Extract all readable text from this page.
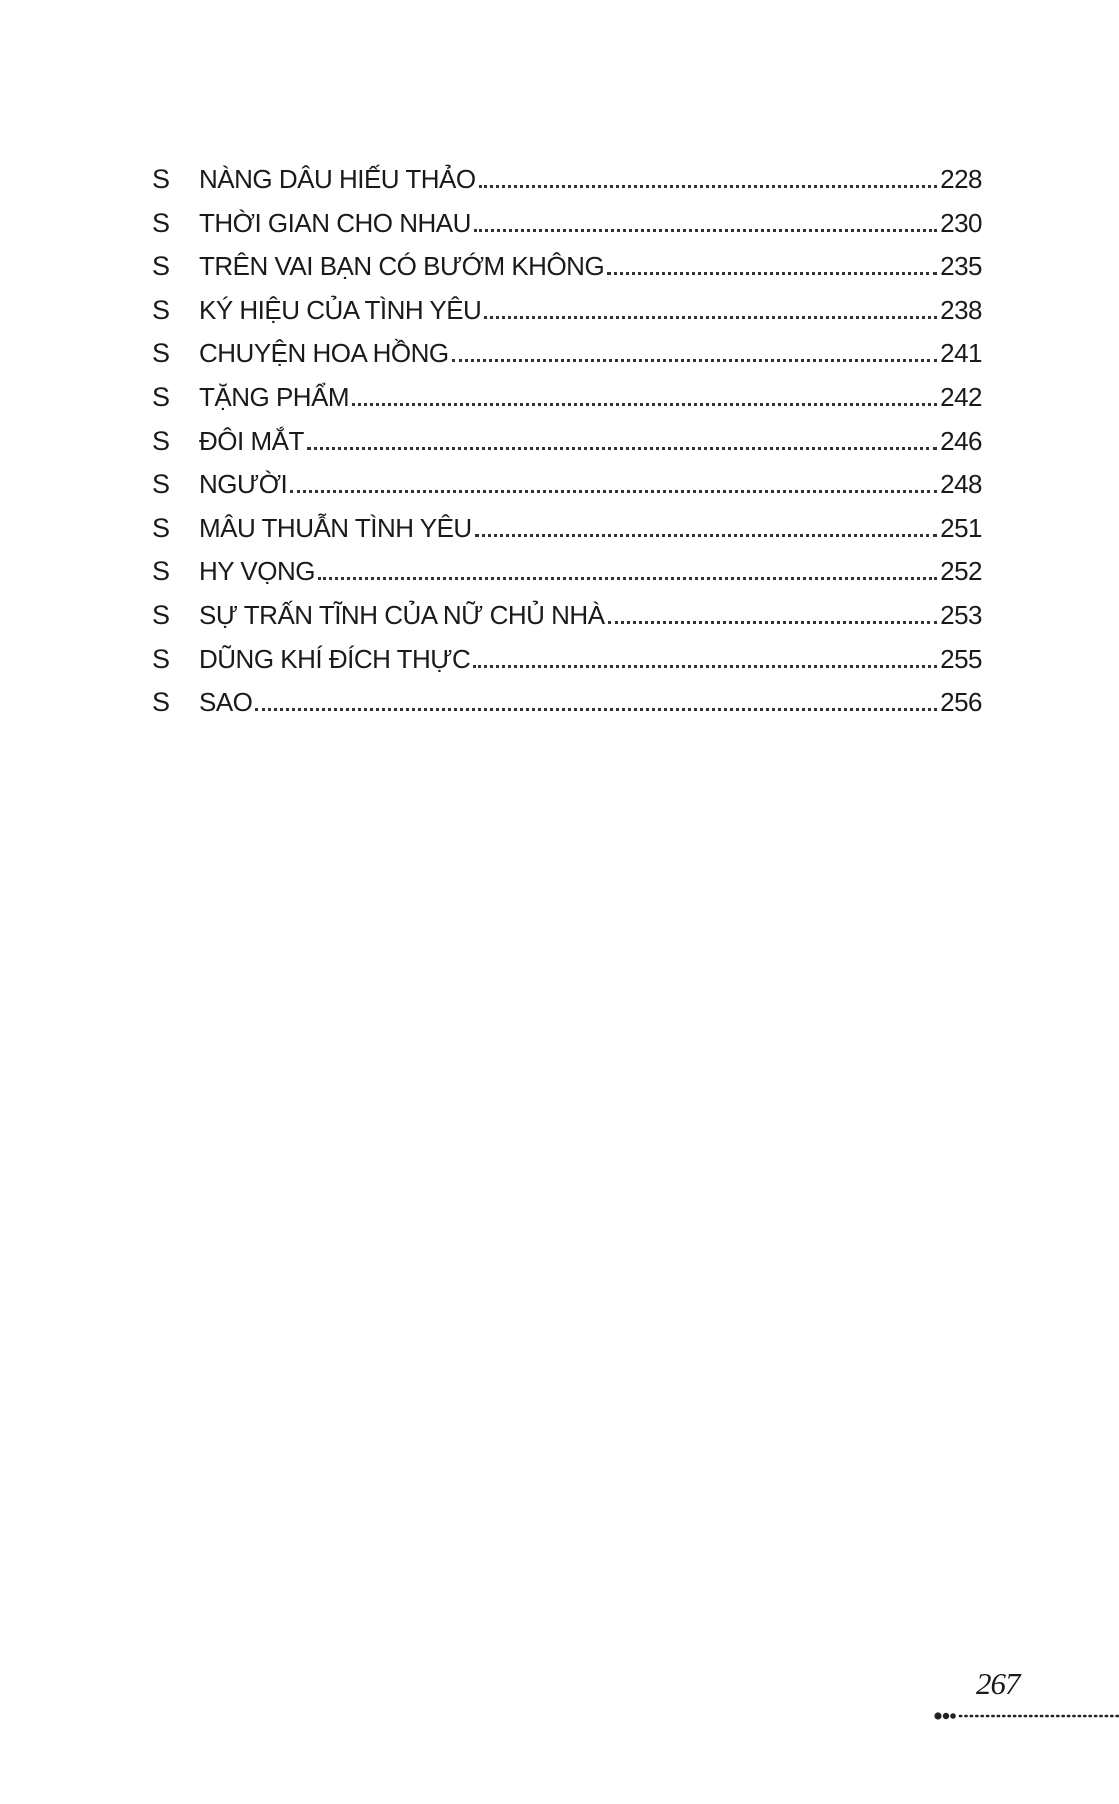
S	NÀNG DÂU HIẾU THẢO	228
S	THỜI GIAN CHO NHAU	230
S	TRÊN VAI BẠN CÓ BƯỚM KHÔNG	235
S	KÝ HIỆU CỦA TÌNH YÊU	238
S	CHUYỆN HOA HỒNG	241
S	TẶNG PHẨM	242
S	ĐÔI MẮT	246
S	NGƯỜI	248
S	MÂU THUẪN TÌNH YÊU	251
S	HY VỌNG	252
S	SỰ TRẤN TĨNH CỦA NỮ CHỦ NHÀ	253
S	DŨNG KHÍ ĐÍCH THỰC	255
S	SAO	256
267
